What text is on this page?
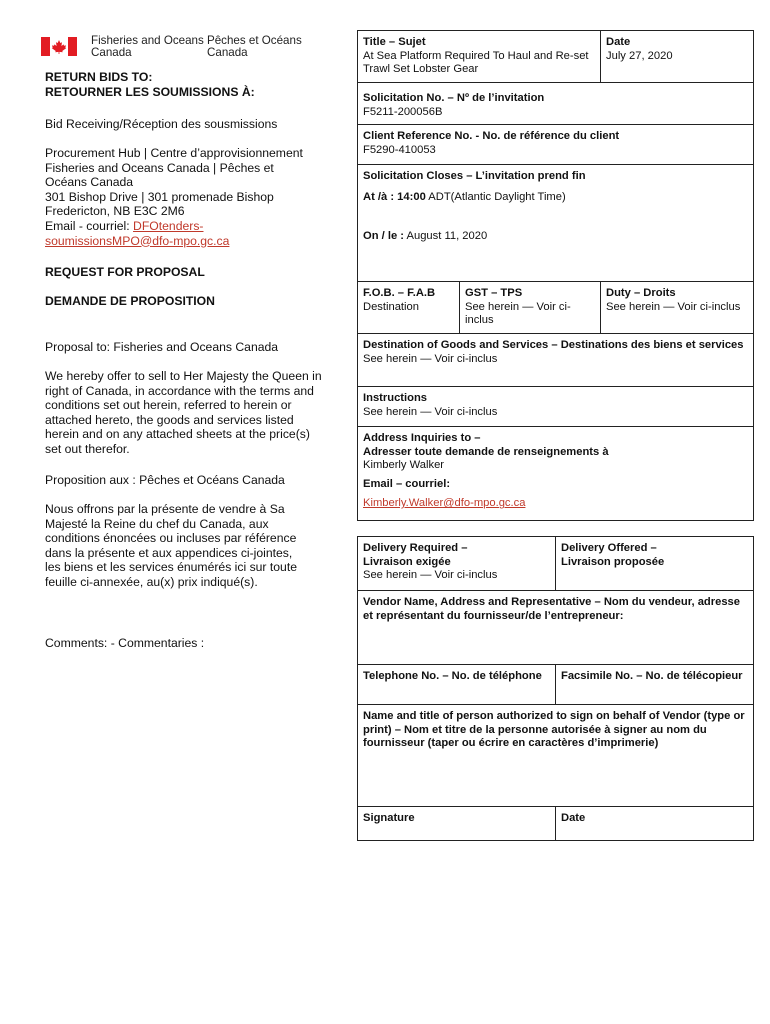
Fisheries and Oceans
Canada
Pêches et Océans
Canada
RETURN BIDS TO:
RETOURNER LES SOUMISSIONS À:
Bid Receiving/Réception des sousmissions
Procurement Hub | Centre d’approvisionnement
Fisheries and Oceans Canada | Pêches et
Océans Canada
301 Bishop Drive | 301 promenade Bishop
Fredericton, NB E3C 2M6
Email - courriel: DFOtenders-
soumissionsMPO@dfo-mpo.gc.ca
REQUEST FOR PROPOSAL
DEMANDE DE PROPOSITION
Proposal to: Fisheries and Oceans Canada
We hereby offer to sell to Her Majesty the Queen in right of Canada, in accordance with the terms and conditions set out herein, referred to herein or attached hereto, the goods and services listed herein and on any attached sheets at the price(s) set out therefor.
Proposition aux : Pêches et Océans Canada
Nous offrons par la présente de vendre à Sa Majesté la Reine du chef du Canada, aux conditions énoncées ou incluses par référence dans la présente et aux appendices ci-jointes, les biens et les services énumérés ici sur toute feuille ci-annexée, au(x) prix indiqué(s).
Comments: - Commentaries :
Title – Sujet
At Sea Platform Required To Haul and Re-set Trawl Set Lobster Gear
Date
July 27, 2020
Solicitation No. – Nº de l’invitation
F5211-200056B
Client Reference No. - No. de référence du client
F5290-410053
Solicitation Closes – L’invitation prend fin
At /à : 14:00 ADT(Atlantic Daylight Time)
On / le : August 11, 2020
F.O.B. – F.A.B
Destination
GST – TPS
See herein — Voir ci-inclus
Duty – Droits
See herein — Voir ci-inclus
Destination of Goods and Services – Destinations des biens et services
See herein — Voir ci-inclus
Instructions
See herein — Voir ci-inclus
Address Inquiries to –
Adresser toute demande de renseignements à
Kimberly Walker
Email – courriel:
Kimberly.Walker@dfo-mpo.gc.ca
Delivery Required –

Livraison exigée
See herein — Voir ci-inclus
Delivery Offered –

Livraison proposée
Vendor Name, Address and Representative – Nom du vendeur, adresse et représentant du fournisseur/de l’entrepreneur:
Telephone No. – No. de téléphone	Facsimile No. – No. de télécopieur
Name and title of person authorized to sign on behalf of Vendor (type or print) – Nom et titre de la personne autorisée à signer au nom du fournisseur (taper ou écrire en caractères d’imprimerie)
Signature	Date
